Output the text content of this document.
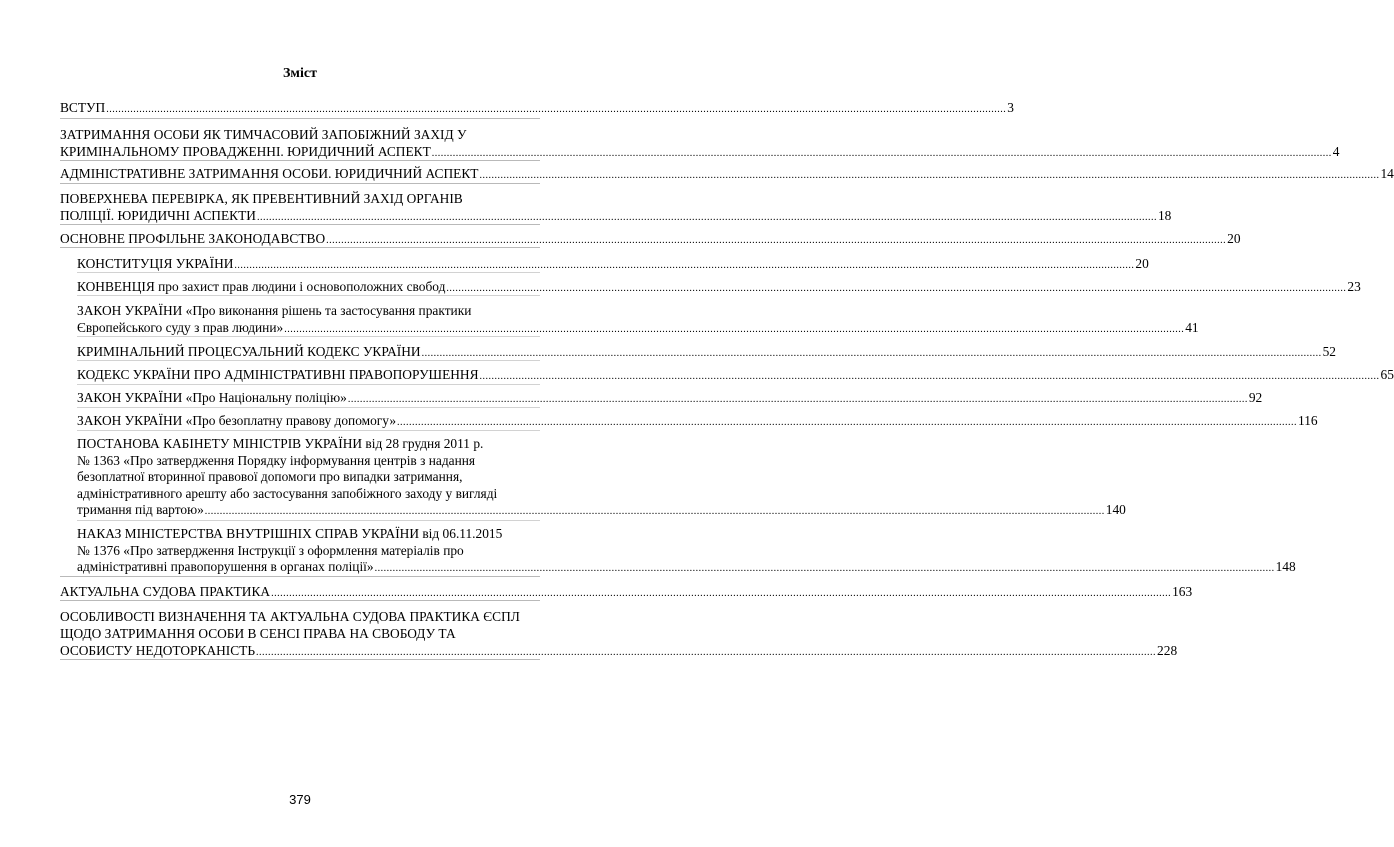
Зміст
ВСТУП ............................................................................................................................................................................................................................................................................................................ 3
ЗАТРИМАННЯ ОСОБИ ЯК ТИМЧАСОВИЙ ЗАПОБІЖНИЙ ЗАХІД У
КРИМІНАЛЬНОМУ ПРОВАДЖЕННІ. ЮРИДИЧНИЙ АСПЕКТ ............................................................................................................................................................................................................................................................................................................ 4
АДМІНІСТРАТИВНЕ ЗАТРИМАННЯ ОСОБИ. ЮРИДИЧНИЙ АСПЕКТ ............................................................................................................................................................................................................................................................................................................ 14
ПОВЕРХНЕВА ПЕРЕВІРКА, ЯК ПРЕВЕНТИВНИЙ ЗАХІД ОРГАНІВ
ПОЛІЦІЇ. ЮРИДИЧНІ АСПЕКТИ ............................................................................................................................................................................................................................................................................................................ 18
ОСНОВНЕ ПРОФІЛЬНЕ ЗАКОНОДАВСТВО ............................................................................................................................................................................................................................................................................................................ 20
КОНСТИТУЦІЯ УКРАЇНИ ............................................................................................................................................................................................................................................................................................................ 20
КОНВЕНЦІЯ про захист прав людини і основоположних свобод ............................................................................................................................................................................................................................................................................................................ 23
ЗАКОН УКРАЇНИ «Про виконання рішень та застосування практики
Європейського суду з прав людини» ............................................................................................................................................................................................................................................................................................................ 41
КРИМІНАЛЬНИЙ ПРОЦЕСУАЛЬНИЙ КОДЕКС УКРАЇНИ ............................................................................................................................................................................................................................................................................................................ 52
КОДЕКС УКРАЇНИ ПРО АДМІНІСТРАТИВНІ ПРАВОПОРУШЕННЯ ............................................................................................................................................................................................................................................................................................................ 65
ЗАКОН УКРАЇНИ «Про Національну поліцію» ............................................................................................................................................................................................................................................................................................................ 92
ЗАКОН УКРАЇНИ «Про безоплатну правову допомогу» ............................................................................................................................................................................................................................................................................................................ 116
ПОСТАНОВА КАБІНЕТУ МІНІСТРІВ УКРАЇНИ від 28 грудня 2011 р.
№ 1363 «Про затвердження Порядку інформування центрів з надання
безоплатної вторинної правової допомоги про випадки затримання,
адміністративного арешту або застосування запобіжного заходу у вигляді
тримання під вартою» ............................................................................................................................................................................................................................................................................................................ 140
НАКАЗ МІНІСТЕРСТВА ВНУТРІШНІХ СПРАВ УКРАЇНИ від 06.11.2015
№ 1376 «Про затвердження Інструкції з оформлення матеріалів про
адміністративні правопорушення в органах поліції» ............................................................................................................................................................................................................................................................................................................ 148
АКТУАЛЬНА СУДОВА ПРАКТИКА ............................................................................................................................................................................................................................................................................................................ 163
ОСОБЛИВОСТІ ВИЗНАЧЕННЯ ТА АКТУАЛЬНА СУДОВА ПРАКТИКА ЄСПЛ
ЩОДО ЗАТРИМАННЯ ОСОБИ В СЕНСІ ПРАВА НА СВОБОДУ ТА
ОСОБИСТУ НЕДОТОРКАНІСТЬ ............................................................................................................................................................................................................................................................................................................ 228
379
